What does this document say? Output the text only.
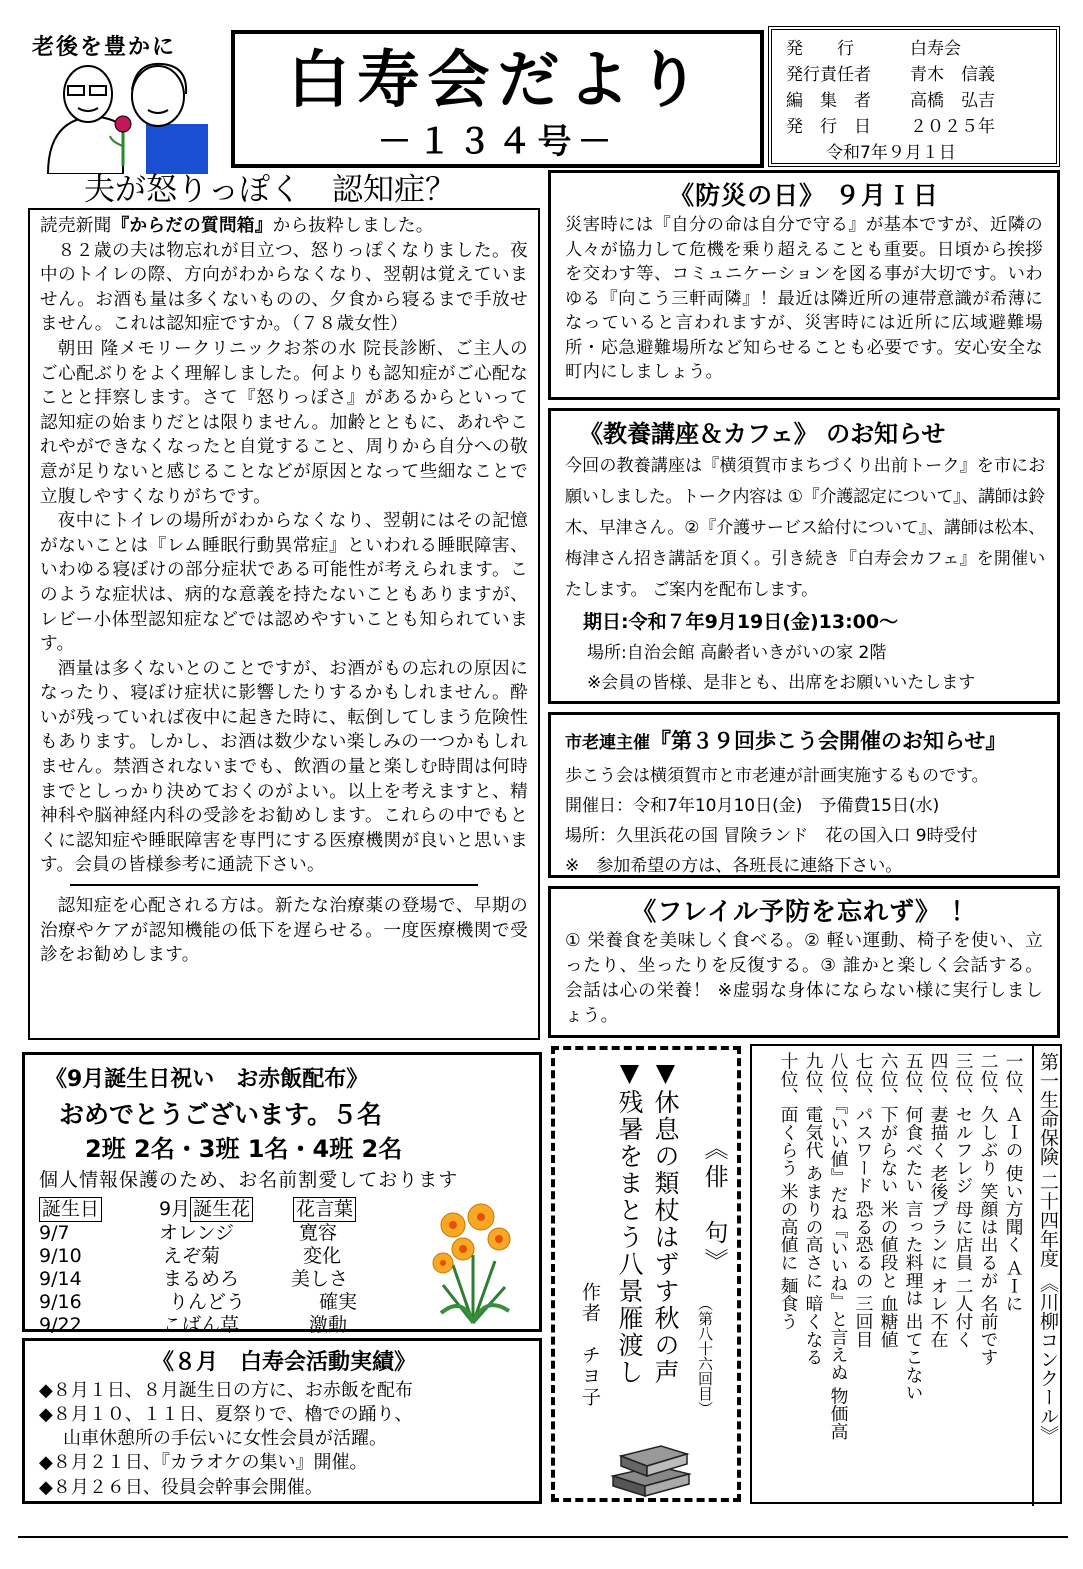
老後を豊かに	白寿会だより
－１３４号－
発　　行	白寿会
発行責任者 青木　信義
編　集　者 高橋　弘吉
発　行　日 ２０２５年
令和7年９月１日
夫が怒りっぽく　認知症？
読売新聞『からだの質問箱』から抜粋しました。

８２歳の夫は物忘れが目立つ、怒りっぽくなりました。夜中のトイレの際、方向がわからなくなり、翌朝は覚えていません。お酒も量は多くないものの、夕食から寝るまで手放せません。これは認知症ですか。（７８歳女性）

朝田 隆メモリークリニックお茶の水 院長診断、ご主人のご心配ぶりをよく理解しました。何よりも認知症がご心配なことと拝察します。さて『怒りっぽさ』があるからといって認知症の始まりだとは限りません。加齢とともに、あれやこれやができなくなったと自覚すること、周りから自分への敬意が足りないと感じることなどが原因となって些細なことで立腹しやすくなりがちです。

夜中にトイレの場所がわからなくなり、翌朝にはその記憶がないことは『レム睡眠行動異常症』といわれる睡眠障害、いわゆる寝ぼけの部分症状である可能性が考えられます。このような症状は、病的な意義を持たないこともありますが、レビー小体型認知症などでは認めやすいことも知られています。

酒量は多くないとのことですが、お酒がもの忘れの原因になったり、寝ぼけ症状に影響したりするかもしれません。酔いが残っていれば夜中に起きた時に、転倒してしまう危険性もあります。しかし、お酒は数少ない楽しみの一つかもしれません。禁酒されないまでも、飲酒の量と楽しむ時間は何時までとしっかり決めておくのがよい。以上を考えますと、精神科や脳神経内科の受診をお勧めします。これらの中でもとくに認知症や睡眠障害を専門にする医療機関が良いと思います。会員の皆様参考に通読下さい。

認知症を心配される方は。新たな治療薬の登場で、早期の治療やケアが認知機能の低下を遅らせる。一度医療機関で受診をお勧めします。

《防災の日》 ９月Ｉ日

災害時には『自分の命は自分で守る』が基本ですが、近隣の人々が協力して危機を乗り超えることも重要。日頃から挨拶を交わす等、コミュニケーションを図る事が大切です。いわゆる『向こう三軒両隣』！最近は隣近所の連帯意識が希薄になっていると言われますが、災害時には近所に広域避難場所・応急避難場所など知らせることも必要です。安心安全な町内にしましょう。

《教養講座＆カフェ》 のお知らせ

今回の教養講座は『横須賀市まちづくり出前トーク』を市にお願いしました。トーク内容は ①『介護認定について』、講師は鈴木、早津さん。②『介護サービス給付について』、講師は松本、梅津さん招き講話を頂く。引き続き『白寿会カフェ』を開催いたします。 ご案内を配布します。

期日:令和７年9月19日(金)13:00～
場所:自治会館 高齢者いきがいの家 2階
※会員の皆様、是非とも、出席をお願いいたします
市老連主催『第３９回歩こう会開催のお知らせ』
歩こう会は横須賀市と市老連が計画実施するものです。
開催日：令和7年10月10日(金)　予備費15日(水)
場所：久里浜花の国 冒険ランド　花の国入口 9時受付
※　参加希望の方は、各班長に連絡下さい。
《フレイル予防を忘れず》 ！

① 栄養食を美味しく食べる。② 軽い運動、椅子を使い、立ったり、坐ったりを反復する。③ 誰かと楽しく会話する。会話は心の栄養！ ※虚弱な身体にならない様に実行しましょう。

《9月誕生日祝い　お赤飯配布》
おめでとうございます。５名
2班 2名・3班 1名・4班 2名
個人情報保護のため、お名前割愛しております
誕生日	9月 誕生花	花言葉
9/7	オレンジ	寛容
9/10	えぞ菊	変化
9/14	まるめろ	美しさ
9/16	りんどう	確実
9/22	こばん草	激動
《８月　白寿会活動実績》
◆８月１日、８月誕生日の方に、お赤飯を配布
◆８月１０、１１日、夏祭りで、櫓での踊り、
山車休憩所の手伝いに女性会員が活躍。
◆８月２１日、『カラオケの集い』開催。
◆８月２６日、役員会幹事会開催。
（第八十六回目）
《俳　句》
▼休息の類杖はずす秋の声
▼残暑をまとう八景雁渡し
作者　チヨ子	第一生命保険 二十四年度 《川柳コンクール》
一位、ＡＩの 使い方聞く ＡＩに
二位、久しぶり 笑顔は出るが 名前です
三位、セルフレジ 母に店員 二人付く
四位、妻描く 老後プランに オレ不在
五位、何食べたい 言った料理は 出てこない
六位、下がらない 米の値段と 血糖値
七位、パスワード 恐る恐るの 三回目
八位、『いい値』だね『いいね』と言えぬ 物価高
九位、電気代 あまりの高さに 暗くなる
十位、面くらう 米の高値に 麺食う
